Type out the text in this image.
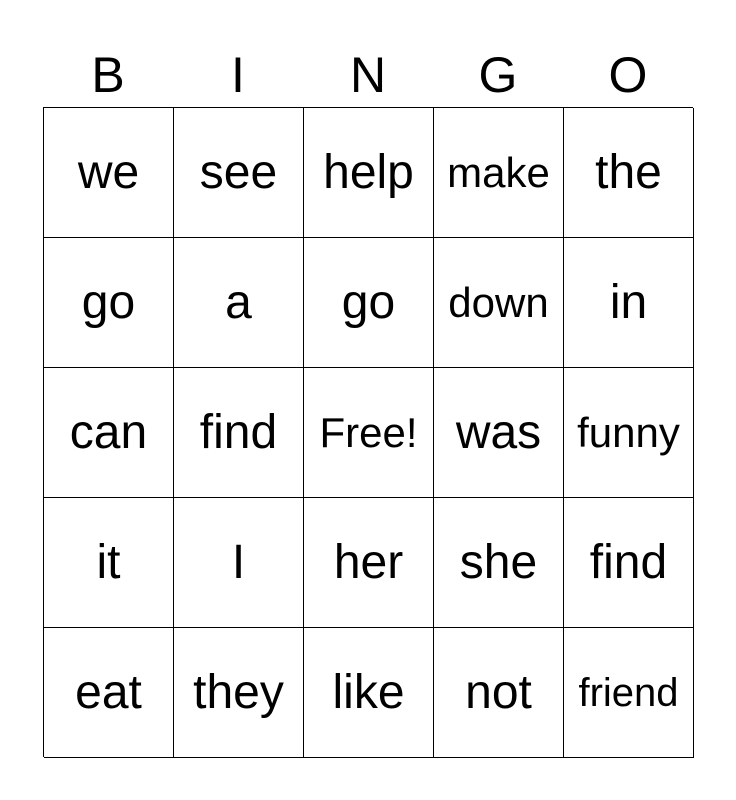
B	I	N	G	O
we see help make the
go a go down in
can find Free! was funny
it I her she find
eat they like not friend
